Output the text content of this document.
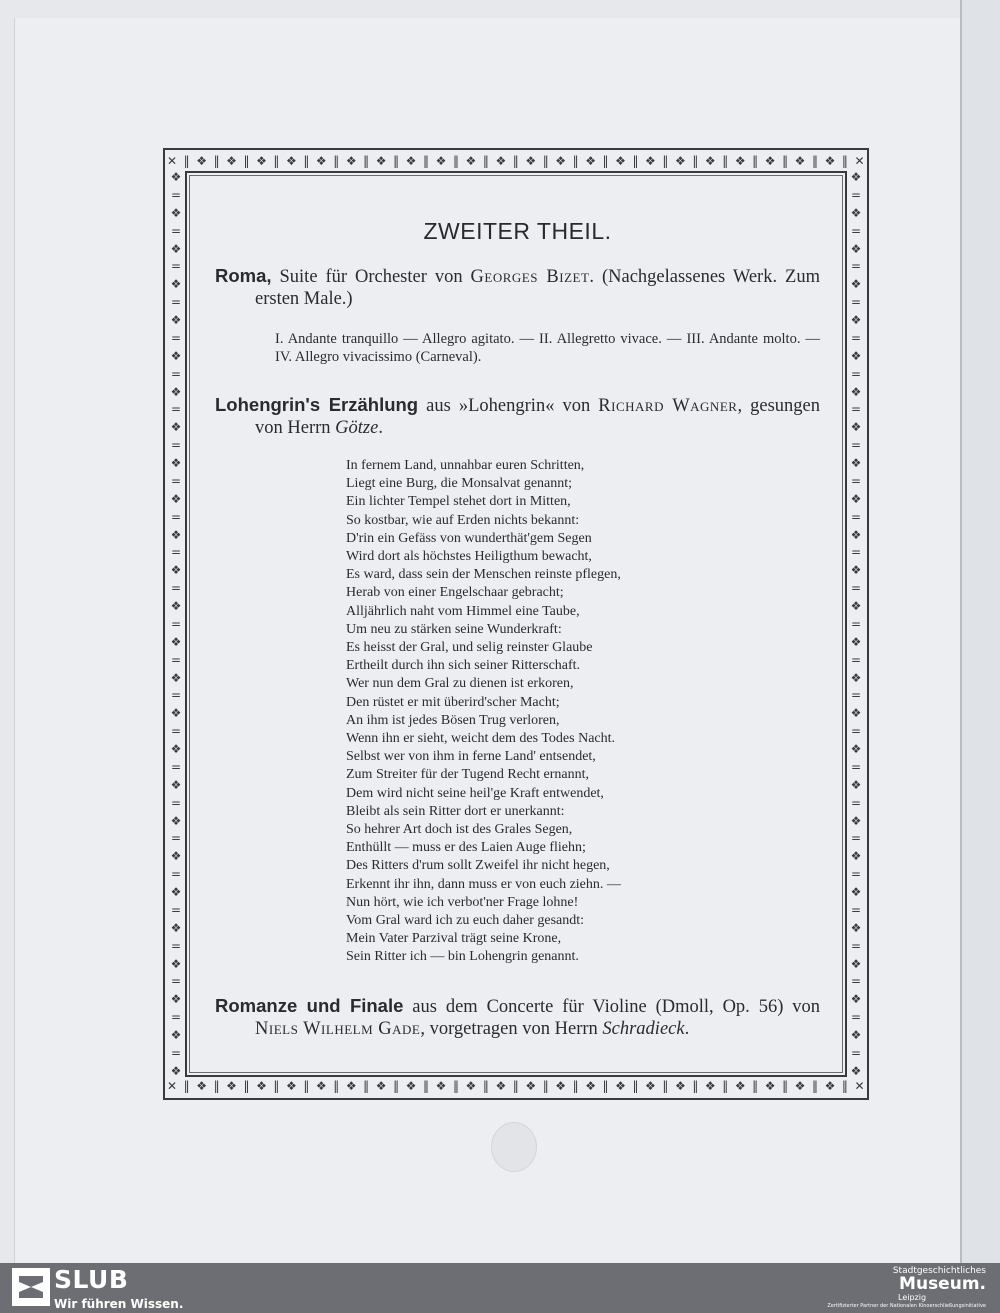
✕ ‖ ❖ ‖ ❖ ‖ ❖ ‖ ❖ ‖ ❖ ‖ ❖ ‖ ❖ ‖ ❖ ‖ ❖ ‖ ❖ ‖ ❖ ‖ ❖ ‖ ❖ ‖ ❖ ‖ ❖ ‖ ❖ ‖ ❖ ‖ ❖ ‖ ❖ ‖ ❖ ‖ ❖ ‖ ❖ ‖ ✕
✕ ‖ ❖ ‖ ❖ ‖ ❖ ‖ ❖ ‖ ❖ ‖ ❖ ‖ ❖ ‖ ❖ ‖ ❖ ‖ ❖ ‖ ❖ ‖ ❖ ‖ ❖ ‖ ❖ ‖ ❖ ‖ ❖ ‖ ❖ ‖ ❖ ‖ ❖ ‖ ❖ ‖ ❖ ‖ ❖ ‖ ✕
❖
=
❖
=
❖
=
❖
=
❖
=
❖
=
❖
=
❖
=
❖
=
❖
=
❖
=
❖
=
❖
=
❖
=
❖
=
❖
=
❖
=
❖
=
❖
=
❖
=
❖
=
❖
=
❖
=
❖
=
❖
=
❖
❖
=
❖
=
❖
=
❖
=
❖
=
❖
=
❖
=
❖
=
❖
=
❖
=
❖
=
❖
=
❖
=
❖
=
❖
=
❖
=
❖
=
❖
=
❖
=
❖
=
❖
=
❖
=
❖
=
❖
=
❖
=
❖
ZWEITER THEIL.
Roma, Suite für Orchester von Georges Bizet. (Nachgelassenes Werk. Zum ersten Male.)
I. Andante tranquillo — Allegro agitato. — II. Allegretto vivace. — III. Andante molto. — IV. Allegro vivacissimo (Carneval).
Lohengrin's Erzählung aus »Lohengrin« von Richard Wagner, gesungen von Herrn Götze.
In fernem Land, unnahbar euren Schritten,
Liegt eine Burg, die Monsalvat genannt;
Ein lichter Tempel stehet dort in Mitten,
So kostbar, wie auf Erden nichts bekannt:
D'rin ein Gefäss von wunderthät'gem Segen
Wird dort als höchstes Heiligthum bewacht,
Es ward, dass sein der Menschen reinste pflegen,
Herab von einer Engelschaar gebracht;
Alljährlich naht vom Himmel eine Taube,
Um neu zu stärken seine Wunderkraft:
Es heisst der Gral, und selig reinster Glaube
Ertheilt durch ihn sich seiner Ritterschaft.
Wer nun dem Gral zu dienen ist erkoren,
Den rüstet er mit überird'scher Macht;
An ihm ist jedes Bösen Trug verloren,
Wenn ihn er sieht, weicht dem des Todes Nacht.
Selbst wer von ihm in ferne Land' entsendet,
Zum Streiter für der Tugend Recht ernannt,
Dem wird nicht seine heil'ge Kraft entwendet,
Bleibt als sein Ritter dort er unerkannt:
So hehrer Art doch ist des Grales Segen,
Enthüllt — muss er des Laien Auge fliehn;
Des Ritters d'rum sollt Zweifel ihr nicht hegen,
Erkennt ihr ihn, dann muss er von euch ziehn. —
Nun hört, wie ich verbot'ner Frage lohne!
Vom Gral ward ich zu euch daher gesandt:
Mein Vater Parzival trägt seine Krone,
Sein Ritter ich — bin Lohengrin genannt.
Romanze und Finale aus dem Concerte für Violine (Dmoll, Op. 56) von Niels Wilhelm Gade, vorgetragen von Herrn Schradieck.
SLUB
Wir führen Wissen.
Stadtgeschichtliches
Museum.
Leipzig
Zertifizierter Partner der Nationalen Kinoerschließungsinitiative
